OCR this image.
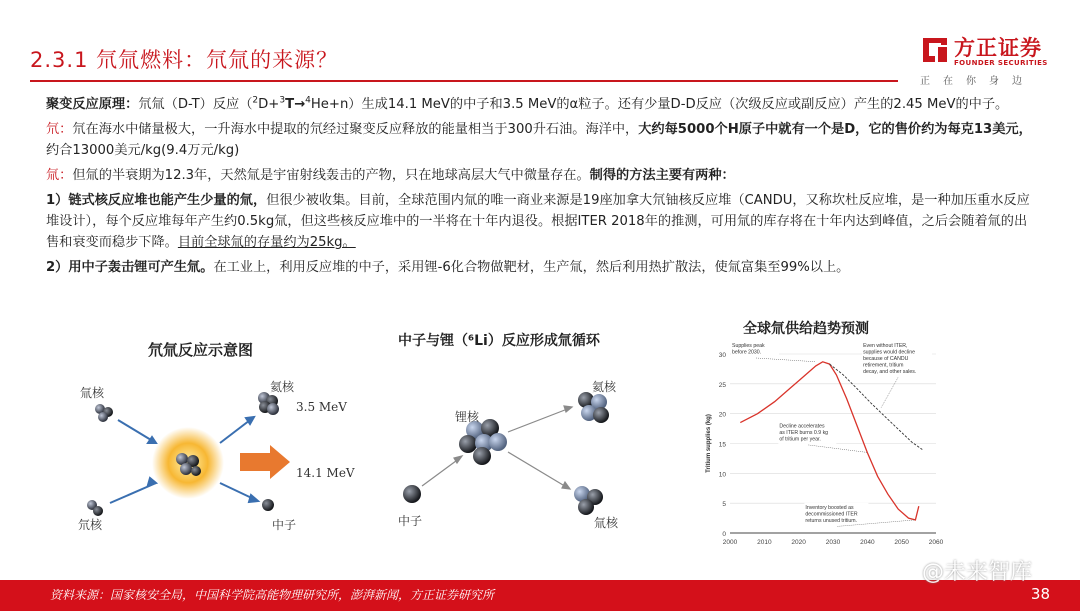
2.3.1 氘氚燃料：氘氚的来源？	方正证券
FOUNDER SECURITIES
正在你身边

聚变反应原理：氘氚（D-T）反应（$^2$D+$^3$T→$^4$He+n）生成14.1 MeV的中子和3.5 MeV的α粒子。还有少量D-D反应（次级反应或副反应）产生的2.45 MeV的中子。

氘：氘在海水中储量极大，一升海水中提取的氘经过聚变反应释放的能量相当于300升石油。海洋中，大约每5000个H原子中就有一个是D，它的售价约为每克13美元，约合13000美元/kg(9.4万元/kg)

氚：但氚的半衰期为12.3年，天然氚是宇宙射线轰击的产物，只在地球高层大气中微量存在。制得的方法主要有两种：

1）链式核反应堆也能产生少量的氚，但很少被收集。目前，全球范围内氚的唯一商业来源是19座加拿大氘铀核反应堆（CANDU，又称坎杜反应堆，是一种加压重水反应堆设计），每个反应堆每年产生约0.5kg氚，但这些核反应堆中的一半将在十年内退役。根据ITER 2018年的推测，可用氚的库存将在十年内达到峰值，之后会随着氚的出售和衰变而稳步下降。目前全球氚的存量约为25kg。

2）用中子轰击锂可产生氚。在工业上，利用反应堆的中子，采用锂-6化合物做靶材，生产氚，然后利用热扩散法，使氚富集至99%以上。

氘氚反应示意图
氚核
氘核
氦核
3.5 MeV
14.1 MeV
中子
中子与锂（⁶Li）反应形成氚循环
锂核
氦核
中子	氚核
全球氚供给趋势预测
0
5
10
15
20
25
30
2000	2010	2020	2030	2040	2050	2060
Tritium supplies (kg)
Supplies peak before 2030.
Even without ITER, supplies would decline because of CANDU retirement, tritium decay, and other sales.
Decline accelerates as ITER burns 0.9 kg of tritium per year.
Inventory boosted as decommissioned ITER returns unused tritium.
资料来源：国家核安全局，中国科学院高能物理研究所，澎湃新闻，方正证券研究所	38
@未来智库
